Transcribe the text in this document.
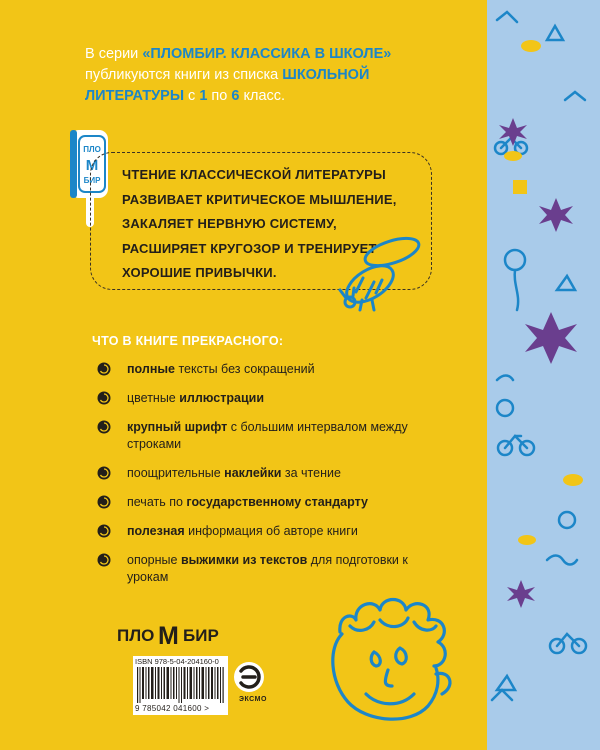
В серии «ПЛОМБИР. КЛАССИКА В ШКОЛЕ» публикуются книги из списка ШКОЛЬНОЙ ЛИТЕРАТУРЫ с 1 по 6 класс.
ПЛО
М
БИР ЧТЕНИЕ КЛАССИЧЕСКОЙ ЛИТЕРАТУРЫ
РАЗВИВАЕТ КРИТИЧЕСКОЕ МЫШЛЕНИЕ,
ЗАКАЛЯЕТ НЕРВНУЮ СИСТЕМУ,
РАСШИРЯЕТ КРУГОЗОР И ТРЕНИРУЕТ
ХОРОШИЕ ПРИВЫЧКИ.
ЧТО В КНИГЕ ПРЕКРАСНОГО:
полные тексты без сокращений
цветные иллюстрации
крупный шрифт с большим интервалом между строками
поощрительные наклейки за чтение
печать по государственному стандарту
полезная информация об авторе книги
опорные выжимки из текстов для подготовки к урокам
ПЛО М БИР
ISBN 978-5-04-204160-0
9 785042 041600 >
ЭКСМО
